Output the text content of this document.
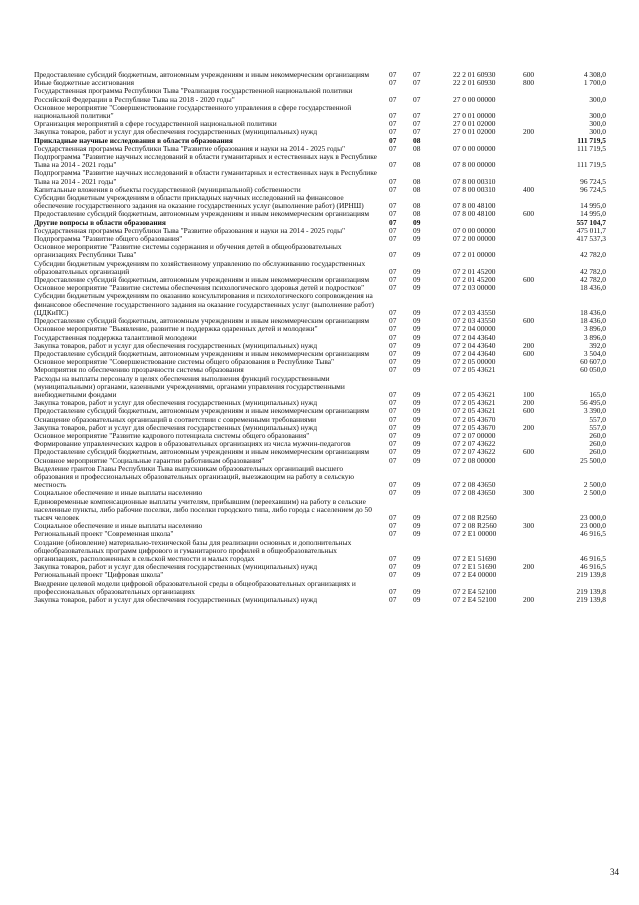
Предоставление субсидий бюджетным, автономным учреждениям и иным некоммерческим организациям	07	07	22 2 01 60930	600	4 308,0
Иные бюджетные ассигнования	07	07	22 2 01 60930	800	1 700,0
Государственная программа Республики Тыва "Реализация государственной национальной политики Российской Федерации в Республике Тыва на 2018 - 2020 годы"	07	07	27 0 00 00000		300,0
Основное мероприятие "Совершенствование государственного управления в сфере государственной национальной политики"	07	07	27 0 01 00000		300,0
Организация мероприятий в сфере государственной национальной политики	07	07	27 0 01 02000		300,0
Закупка товаров, работ и услуг для обеспечения государственных (муниципальных) нужд	07	07	27 0 01 02000	200	300,0
Прикладные научные исследования в области образования	07	08			111 719,5
Государственная программа Республики Тыва "Развитие образования и науки на 2014 - 2025 годы"	07	08	07 0 00 00000		111 719,5
Подпрограмма "Развитие научных исследований в области гуманитарных и естественных наук в Республике Тыва на 2014 - 2021 годы"	07	08	07 8 00 00000		111 719,5
Подпрограмма "Развитие научных исследований в области гуманитарных и естественных наук в Республике Тыва на 2014 - 2021 годы"	07	08	07 8 00 00310		96 724,5
Капитальные вложения в объекты государственной (муниципальной) собственности	07	08	07 8 00 00310	400	96 724,5
Субсидии бюджетным учреждениям в области прикладных научных исследований на финансовое обеспечение государственного задания на оказание государственных услуг (выполнение работ) (ИРНШ)	07	08	07 8 00 48100		14 995,0
Предоставление субсидий бюджетным, автономным учреждениям и иным некоммерческим организациям	07	08	07 8 00 48100	600	14 995,0
Другие вопросы в области образования	07	09			557 104,7
Государственная программа Республики Тыва "Развитие образования и науки на 2014 - 2025 годы"	07	09	07 0 00 00000		475 011,7
Подпрограмма "Развитие общего образования"	07	09	07 2 00 00000		417 537,3
Основное мероприятие "Развитие системы содержания и обучения детей в общеобразовательных организациях Республики Тыва"	07	09	07 2 01 00000		42 782,0
Субсидии бюджетным учреждениям по хозяйственному управлению по обслуживанию государственных образовательных организаций	07	09	07 2 01 45200		42 782,0
Предоставление субсидий бюджетным, автономным учреждениям и иным некоммерческим организациям	07	09	07 2 01 45200	600	42 782,0
Основное мероприятие "Развитие системы обеспечения психологического здоровья детей и подростков"	07	09	07 2 03 00000		18 436,0
Субсидии бюджетным учреждениям по оказанию консультирования и психологического сопровождения на финансовое обеспечение государственного задания на оказание государственных услуг (выполнение работ) (ЦДКиПС)	07	09	07 2 03 43550		18 436,0
Предоставление субсидий бюджетным, автономным учреждениям и иным некоммерческим организациям	07	09	07 2 03 43550	600	18 436,0
Основное мероприятие "Выявление, развитие и поддержка одаренных детей и молодежи"	07	09	07 2 04 00000		3 896,0
Государственная поддержка талантливой молодежи	07	09	07 2 04 43640		3 896,0
Закупка товаров, работ и услуг для обеспечения государственных (муниципальных) нужд	07	09	07 2 04 43640	200	392,0
Предоставление субсидий бюджетным, автономным учреждениям и иным некоммерческим организациям	07	09	07 2 04 43640	600	3 504,0
Основное мероприятие "Совершенствование системы общего образования в Республике Тыва"	07	09	07 2 05 00000		60 607,0
Мероприятия по обеспечению прозрачности системы образования	07	09	07 2 05 43621		60 050,0
Расходы на выплаты персоналу в целях обеспечения выполнения функций государственными (муниципальными) органами, казенными учреждениями, органами управления государственными внебюджетными фондами	07	09	07 2 05 43621	100	165,0
Закупка товаров, работ и услуг для обеспечения государственных (муниципальных) нужд	07	09	07 2 05 43621	200	56 495,0
Предоставление субсидий бюджетным, автономным учреждениям и иным некоммерческим организациям	07	09	07 2 05 43621	600	3 390,0
Оснащение образовательных организаций в соответствии с современными требованиями	07	09	07 2 05 43670		557,0
Закупка товаров, работ и услуг для обеспечения государственных (муниципальных) нужд	07	09	07 2 05 43670	200	557,0
Основное мероприятие "Развитие кадрового потенциала системы общего образования"	07	09	07 2 07 00000		260,0
Формирование управленческих кадров в образовательных организациях из числа мужчин-педагогов	07	09	07 2 07 43622		260,0
Предоставление субсидий бюджетным, автономным учреждениям и иным некоммерческим организациям	07	09	07 2 07 43622	600	260,0
Основное мероприятие "Социальные гарантии работникам образования"	07	09	07 2 08 00000		25 500,0
Выделение грантов Главы Республики Тыва выпускникам образовательных организаций высшего образования и профессиональных образовательных организаций, выезжающим на работу в сельскую местность	07	09	07 2 08 43650		2 500,0
Социальное обеспечение и иные выплаты населению	07	09	07 2 08 43650	300	2 500,0
Единовременные компенсационные выплаты учителям, прибывшим (переехавшим) на работу в сельские населенные пункты, либо рабочие поселки, либо поселки городского типа, либо города с населением до 50 тысяч человек	07	09	07 2 08 R2560		23 000,0
Социальное обеспечение и иные выплаты населению	07	09	07 2 08 R2560	300	23 000,0
Региональный проект "Современная школа"	07	09	07 2 E1 00000		46 916,5
Создание (обновление) материально-технической базы для реализации основных и дополнительных общеобразовательных программ цифрового и гуманитарного профилей в общеобразовательных организациях, расположенных в сельской местности и малых городах	07	09	07 2 E1 51690		46 916,5
Закупка товаров, работ и услуг для обеспечения государственных (муниципальных) нужд	07	09	07 2 E1 51690	200	46 916,5
Региональный проект "Цифровая школа"	07	09	07 2 E4 00000		219 139,8
Внедрение целевой модели цифровой образовательной среды в общеобразовательных организациях и профессиональных образовательных организациях	07	09	07 2 E4 52100		219 139,8
Закупка товаров, работ и услуг для обеспечения государственных (муниципальных) нужд	07	09	07 2 E4 52100	200	219 139,8
34
